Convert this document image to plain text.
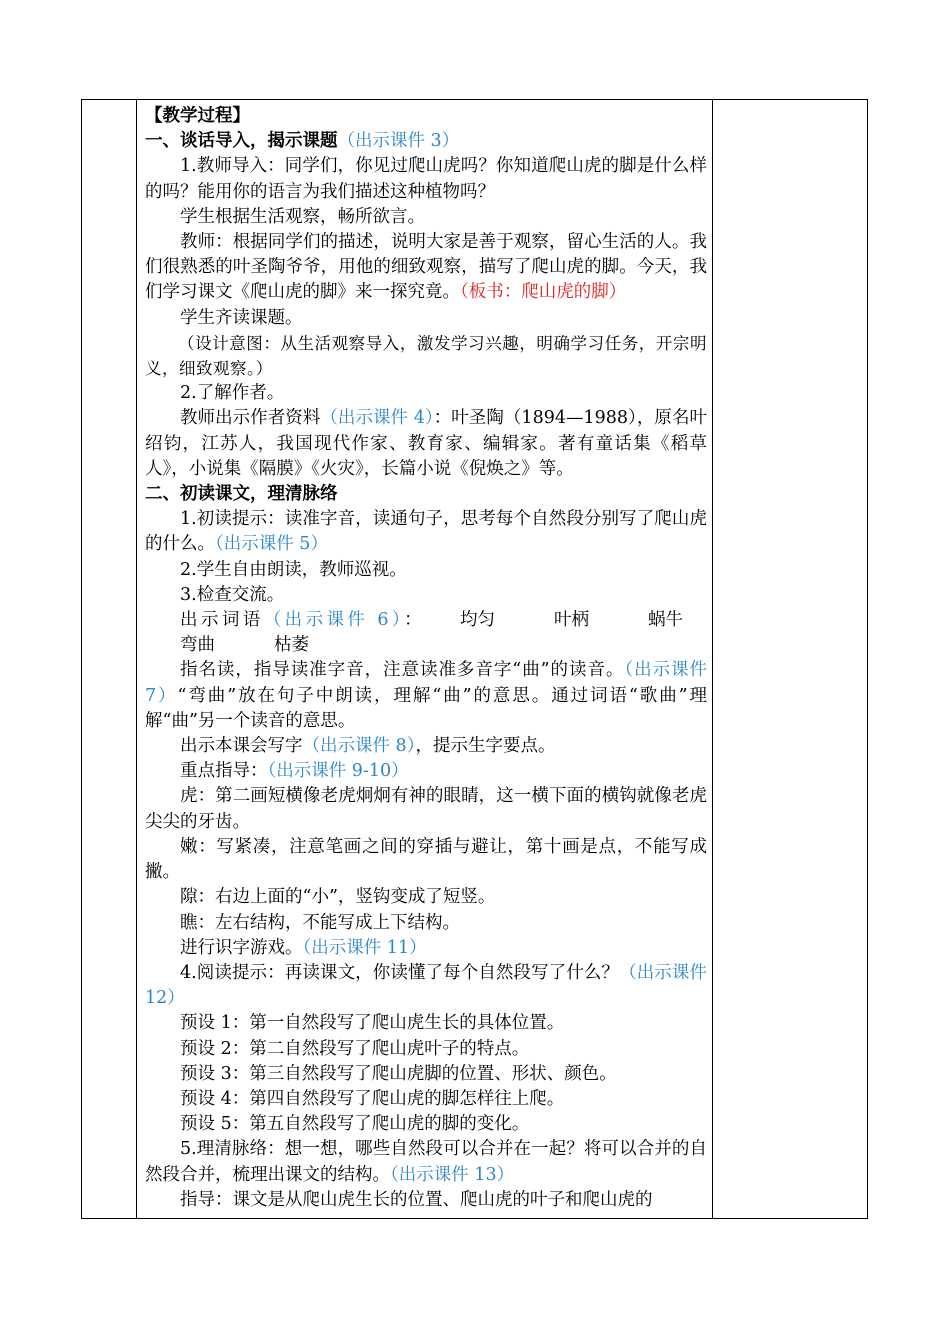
【教学过程】

一、谈话导入，揭示课题（出示课件 3）

1.教师导入：同学们，你见过爬山虎吗？你知道爬山虎的脚是什么样的吗？能用你的语言为我们描述这种植物吗？

学生根据生活观察，畅所欲言。

教师：根据同学们的描述，说明大家是善于观察，留心生活的人。我们很熟悉的叶圣陶爷爷，用他的细致观察，描写了爬山虎的脚。今天，我们学习课文《爬山虎的脚》来一探究竟。（板书：爬山虎的脚）

学生齐读课题。

（设计意图：从生活观察导入，激发学习兴趣，明确学习任务，开宗明义，细致观察。）

2.了解作者。

教师出示作者资料（出示课件 4）：叶圣陶（1894—1988），原名叶绍钧，江苏人，我国现代作家、教育家、编辑家。著有童话集《稻草人》，小说集《隔膜》《火灾》，长篇小说《倪焕之》等。

二、初读课文，理清脉络

1.初读提示：读准字音，读通句子，思考每个自然段分别写了爬山虎的什么。（出示课件 5）

2.学生自由朗读，教师巡视。

3.检查交流。

出示词语（出示课件 6）： 均匀	叶柄	蜗牛弯曲	枯萎

指名读，指导读准字音，注意读准多音字“曲”的读音。（出示课件 7）“弯曲”放在句子中朗读，理解“曲”的意思。通过词语“歌曲”理解“曲”另一个读音的意思。

出示本课会写字（出示课件 8），提示生字要点。

重点指导：（出示课件 9-10）

虎：第二画短横像老虎炯炯有神的眼睛，这一横下面的横钩就像老虎尖尖的牙齿。

嫩：写紧凑，注意笔画之间的穿插与避让，第十画是点，不能写成撇。

隙：右边上面的“小”，竖钩变成了短竖。

瞧：左右结构，不能写成上下结构。

进行识字游戏。（出示课件 11）

4.阅读提示：再读课文，你读懂了每个自然段写了什么？（出示课件 12）

预设 1：第一自然段写了爬山虎生长的具体位置。

预设 2：第二自然段写了爬山虎叶子的特点。

预设 3：第三自然段写了爬山虎脚的位置、形状、颜色。

预设 4：第四自然段写了爬山虎的脚怎样往上爬。

预设 5：第五自然段写了爬山虎的脚的变化。

5.理清脉络：想一想，哪些自然段可以合并在一起？将可以合并的自然段合并，梳理出课文的结构。（出示课件 13）

指导：课文是从爬山虎生长的位置、爬山虎的叶子和爬山虎的
